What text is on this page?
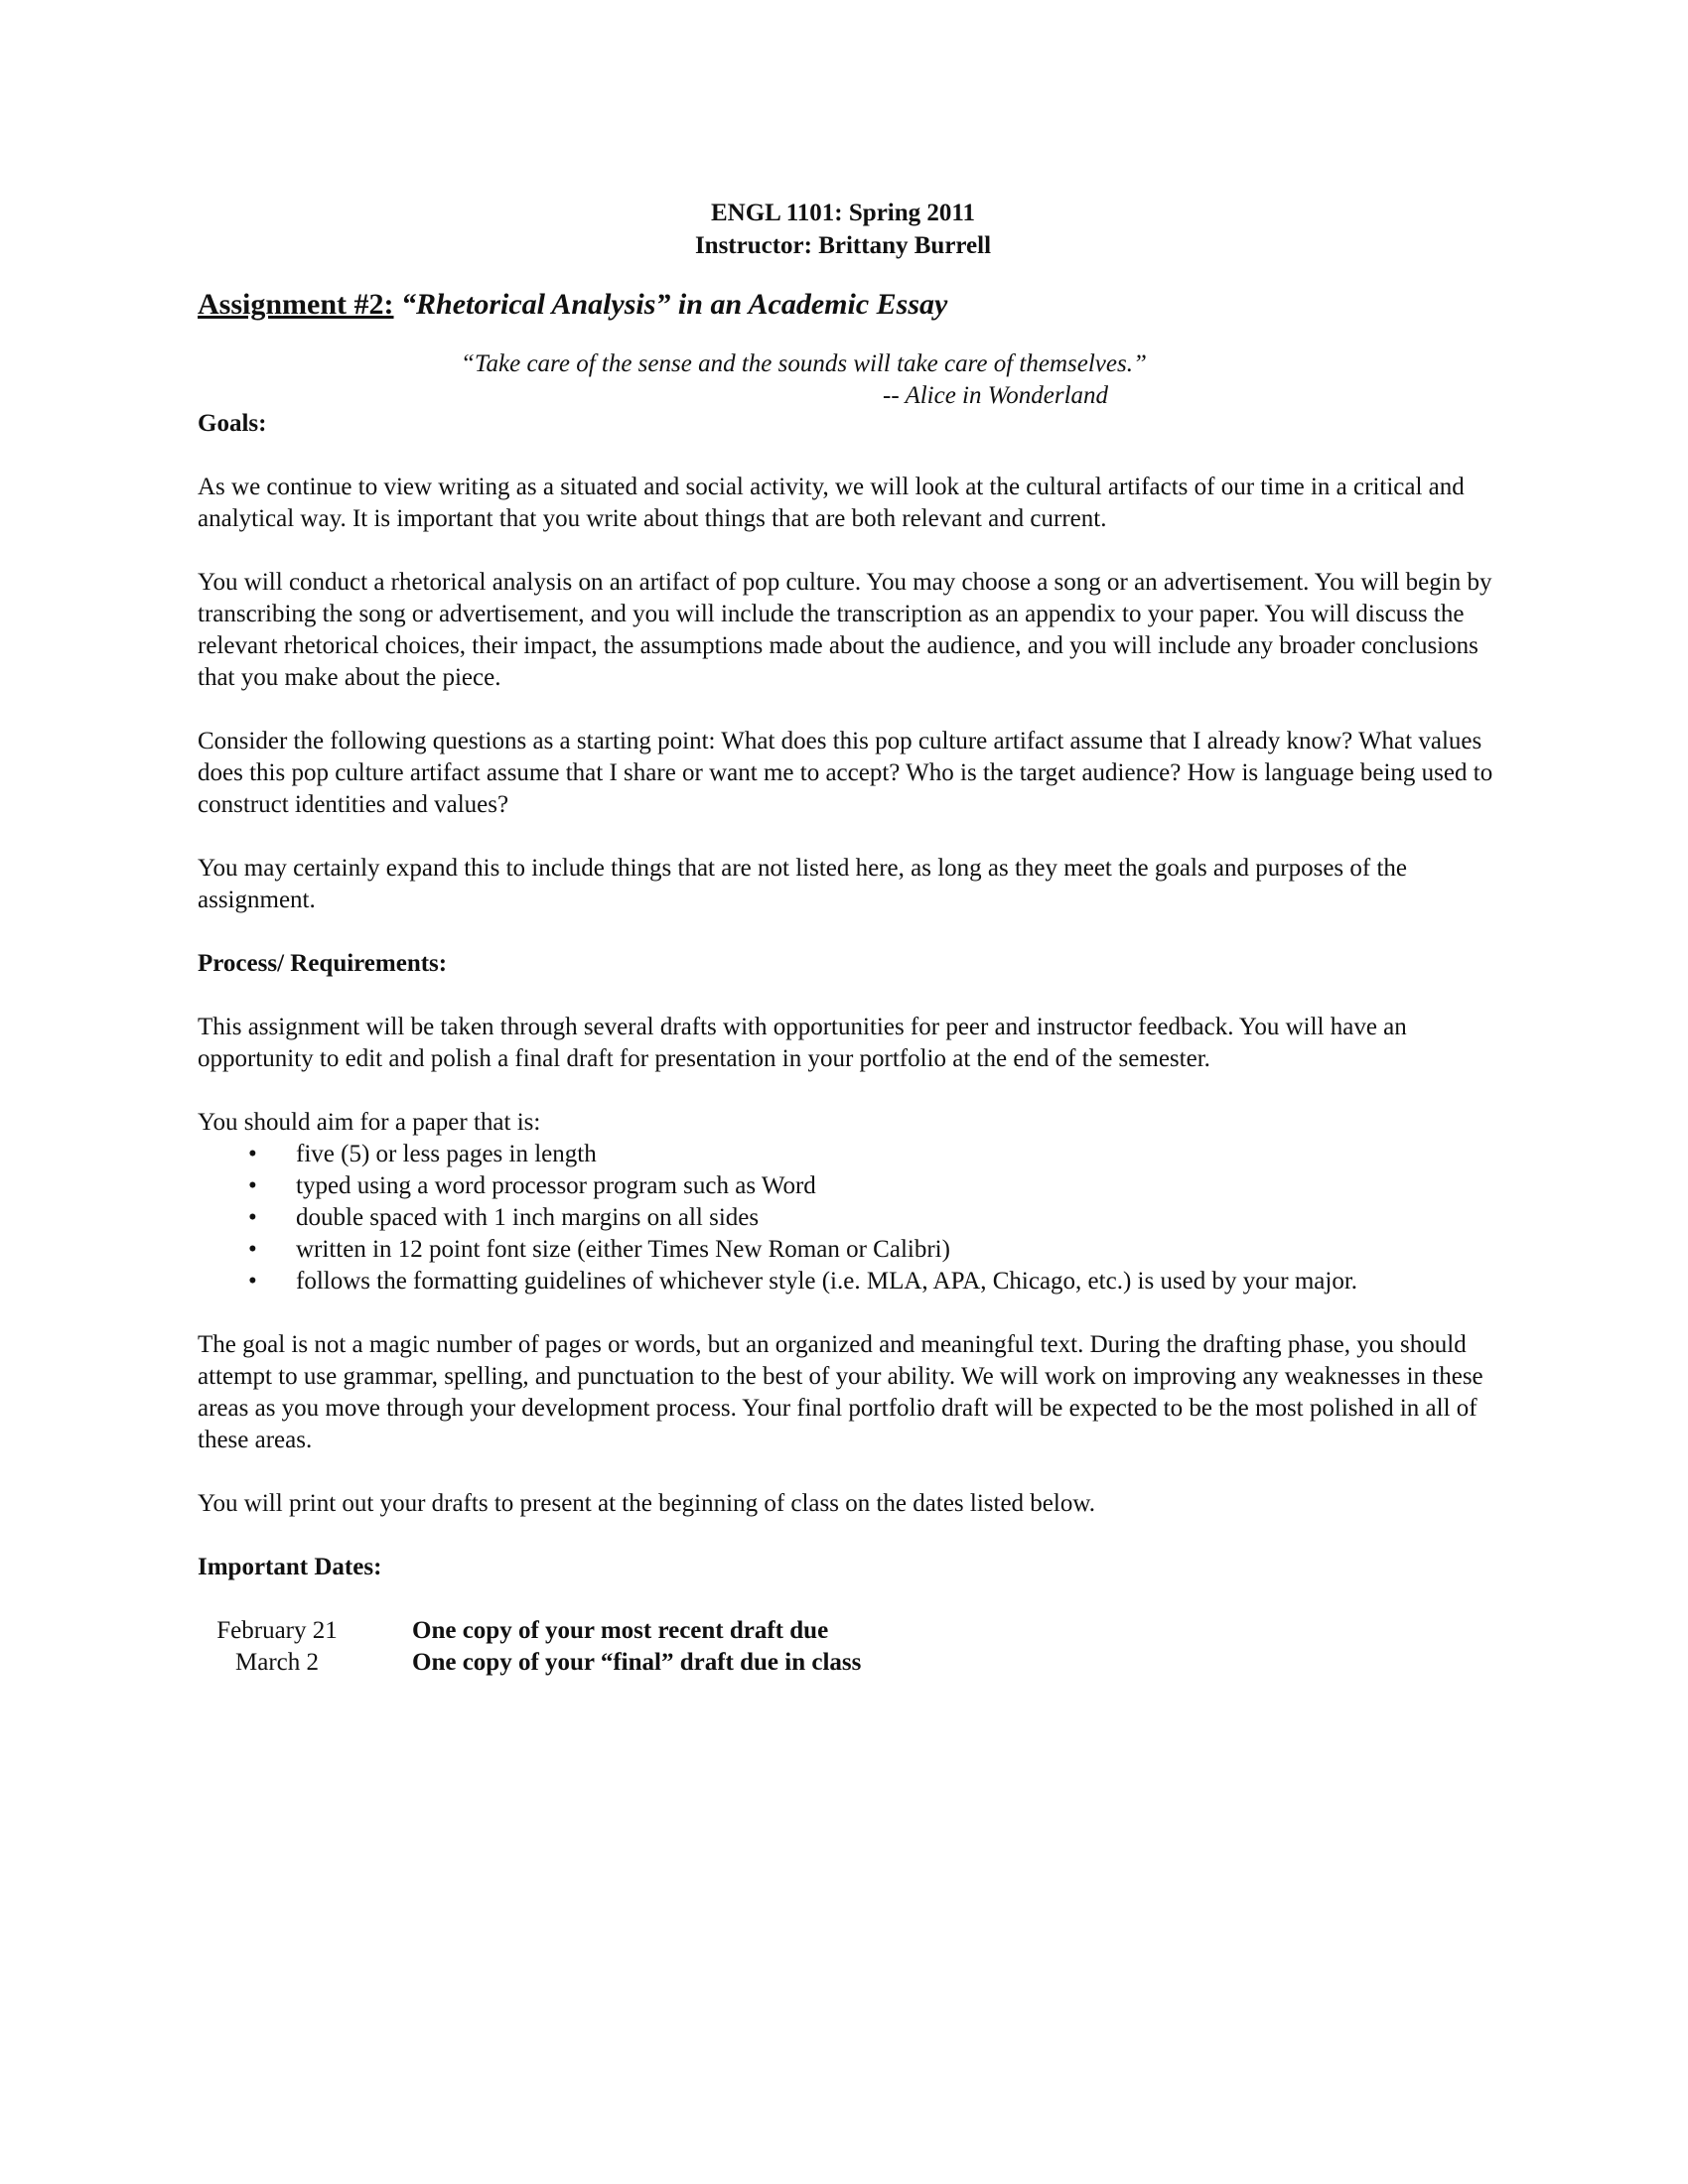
ENGL 1101: Spring 2011
Instructor: Brittany Burrell
Assignment #2: “Rhetorical Analysis” in an Academic Essay
“Take care of the sense and the sounds will take care of themselves.”
-- Alice in Wonderland
Goals:

As we continue to view writing as a situated and social activity, we will look at the cultural artifacts of our time in a critical and analytical way. It is important that you write about things that are both relevant and current.

You will conduct a rhetorical analysis on an artifact of pop culture. You may choose a song or an advertisement. You will begin by transcribing the song or advertisement, and you will include the transcription as an appendix to your paper. You will discuss the relevant rhetorical choices, their impact, the assumptions made about the audience, and you will include any broader conclusions that you make about the piece.

Consider the following questions as a starting point: What does this pop culture artifact assume that I already know? What values does this pop culture artifact assume that I share or want me to accept? Who is the target audience? How is language being used to construct identities and values?

You may certainly expand this to include things that are not listed here, as long as they meet the goals and purposes of the assignment.

Process/ Requirements:

This assignment will be taken through several drafts with opportunities for peer and instructor feedback. You will have an opportunity to edit and polish a final draft for presentation in your portfolio at the end of the semester.

You should aim for a paper that is:
• five (5) or less pages in length
• typed using a word processor program such as Word
• double spaced with 1 inch margins on all sides
• written in 12 point font size (either Times New Roman or Calibri)
• follows the formatting guidelines of whichever style (i.e. MLA, APA, Chicago, etc.) is used by your major.

The goal is not a magic number of pages or words, but an organized and meaningful text. During the drafting phase, you should attempt to use grammar, spelling, and punctuation to the best of your ability. We will work on improving any weaknesses in these areas as you move through your development process. Your final portfolio draft will be expected to be the most polished in all of these areas.

You will print out your drafts to present at the beginning of class on the dates listed below.

Important Dates:
February 21	One copy of your most recent draft due
March 2	One copy of your “final” draft due in class
